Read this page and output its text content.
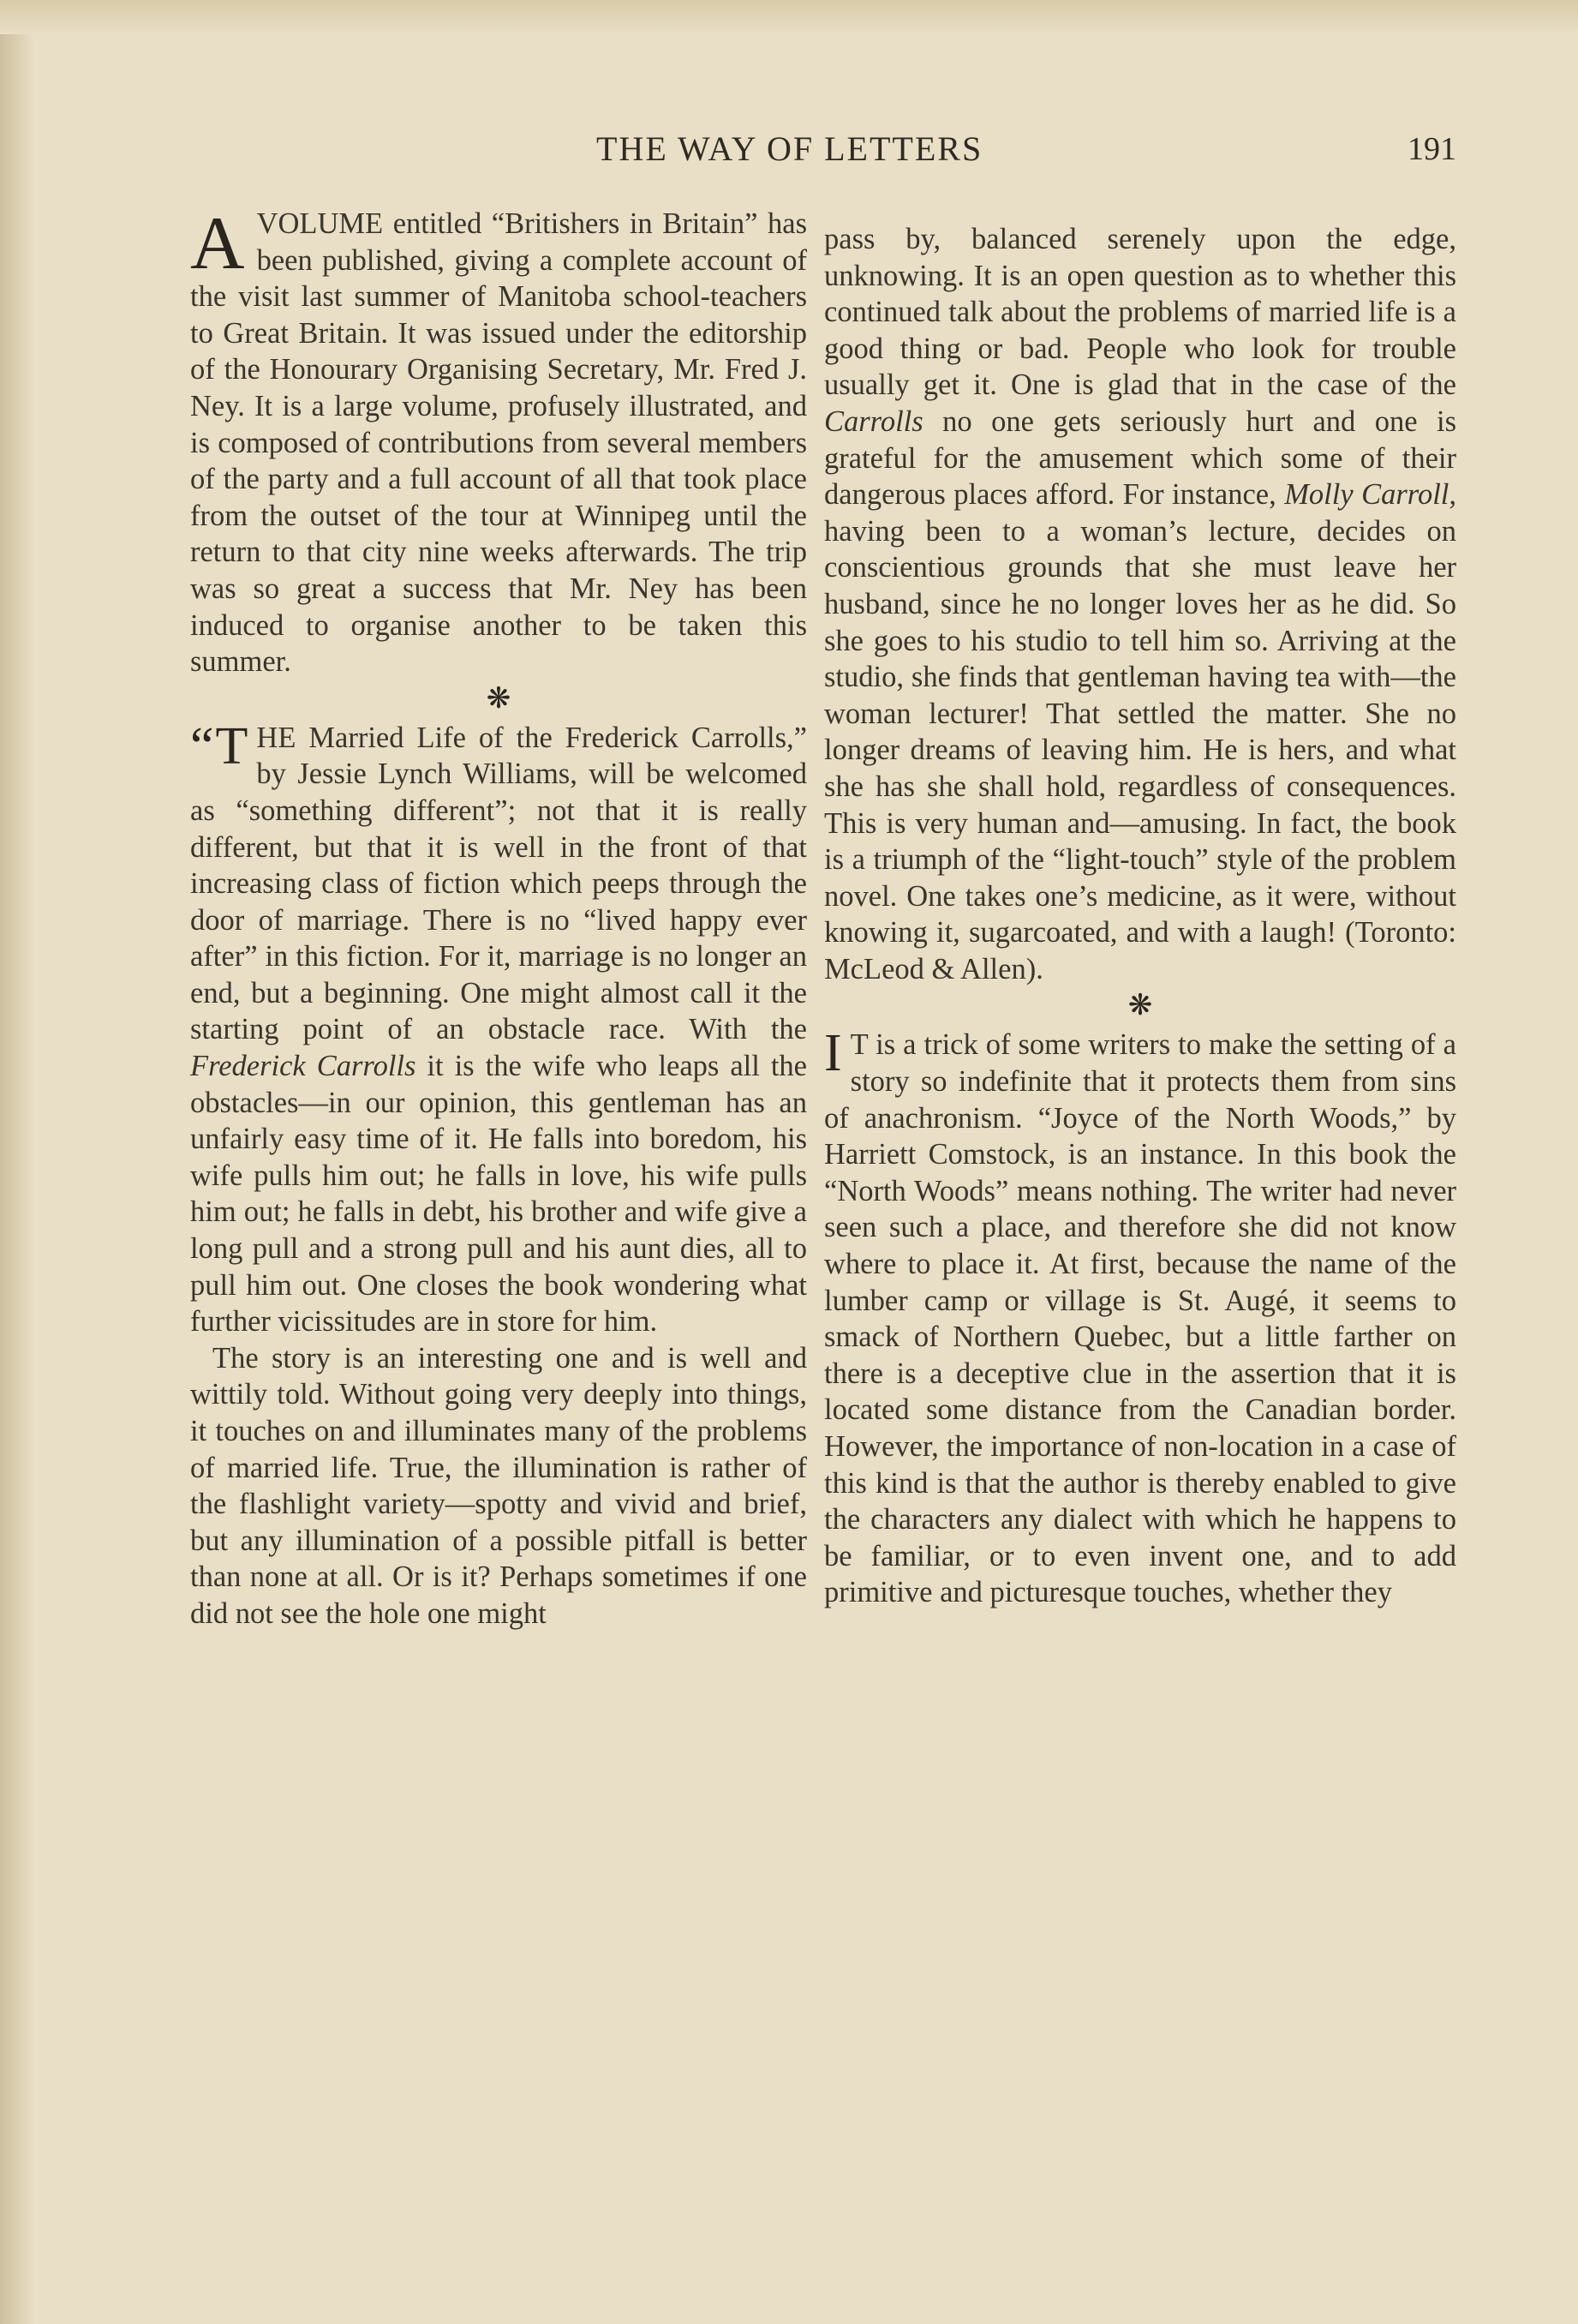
THE WAY OF LETTERS	191

AVOLUME entitled “Britishers in Britain” has been published, giving a complete account of the visit last summer of Manitoba school-teachers to Great Britain. It was issued under the editorship of the Honourary Organising Secretary, Mr. Fred J. Ney. It is a large volume, profusely illustrated, and is composed of contributions from several members of the party and a full account of all that took place from the outset of the tour at Winnipeg until the return to that city nine weeks afterwards. The trip was so great a success that Mr. Ney has been induced to organise another to be taken this summer.

❋

“ T HE Married Life of the Frederick Carrolls,” by Jessie Lynch Williams, will be welcomed as “something different”; not that it is really different, but that it is well in the front of that increasing class of fiction which peeps through the door of marriage. There is no “lived happy ever after” in this fiction. For it, marriage is no longer an end, but a beginning. One might almost call it the starting point of an obstacle race. With the Frederick Carrolls it is the wife who leaps all the obstacles—in our opinion, this gentleman has an unfairly easy time of it. He falls into boredom, his wife pulls him out; he falls in love, his wife pulls him out; he falls in debt, his brother and wife give a long pull and a strong pull and his aunt dies, all to pull him out. One closes the book wondering what further vicissitudes are in store for him.

The story is an interesting one and is well and wittily told. Without going very deeply into things, it touches on and illuminates many of the problems of married life. True, the illumination is rather of the flashlight variety—spotty and vivid and brief, but any illumination of a possible pitfall is better than none at all. Or is it? Perhaps sometimes if one did not see the hole one might

pass by, balanced serenely upon the edge, unknowing. It is an open question as to whether this continued talk about the problems of married life is a good thing or bad. People who look for trouble usually get it. One is glad that in the case of the Carrolls no one gets seriously hurt and one is grateful for the amusement which some of their dangerous places afford. For instance, Molly Carroll, having been to a woman’s lecture, decides on conscientious grounds that she must leave her husband, since he no longer loves her as he did. So she goes to his studio to tell him so. Arriving at the studio, she finds that gentleman having tea with—the woman lecturer! That settled the matter. She no longer dreams of leaving him. He is hers, and what she has she shall hold, regardless of consequences. This is very human and—amusing. In fact, the book is a triumph of the “light-touch” style of the problem novel. One takes one’s medicine, as it were, without knowing it, sugarcoated, and with a laugh! (Toronto: McLeod & Allen).

❋

I T is a trick of some writers to make the setting of a story so indefinite that it protects them from sins of anachronism. “Joyce of the North Woods,” by Harriett Comstock, is an instance. In this book the “North Woods” means nothing. The writer had never seen such a place, and therefore she did not know where to place it. At first, because the name of the lumber camp or village is St. Augé, it seems to smack of Northern Quebec, but a little farther on there is a deceptive clue in the assertion that it is located some distance from the Canadian border. However, the importance of non-location in a case of this kind is that the author is thereby enabled to give the characters any dialect with which he happens to be familiar, or to even invent one, and to add primitive and picturesque touches, whether they
